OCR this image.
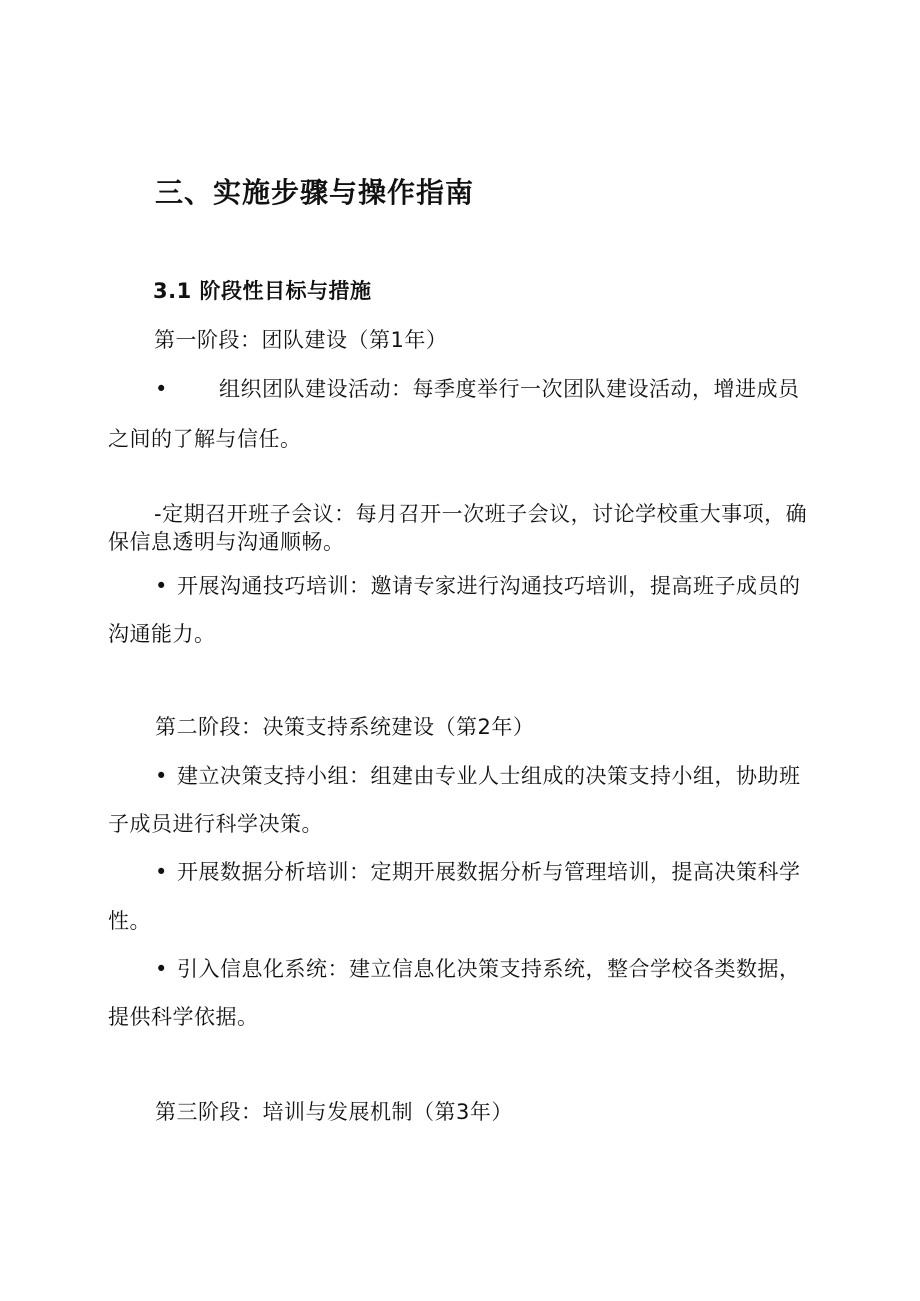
三、实施步骤与操作指南
3.1 阶段性目标与措施
第一阶段：团队建设（第1年）
• 组织团队建设活动：每季度举行一次团队建设活动，增进成员
之间的了解与信任。
-定期召开班子会议：每月召开一次班子会议，讨论学校重大事项，确
保信息透明与沟通顺畅。
• 开展沟通技巧培训：邀请专家进行沟通技巧培训，提高班子成员的
沟通能力。
第二阶段：决策支持系统建设（第2年）
• 建立决策支持小组：组建由专业人士组成的决策支持小组，协助班
子成员进行科学决策。
• 开展数据分析培训：定期开展数据分析与管理培训，提高决策科学
性。
• 引入信息化系统：建立信息化决策支持系统，整合学校各类数据，
提供科学依据。
第三阶段：培训与发展机制（第3年）
